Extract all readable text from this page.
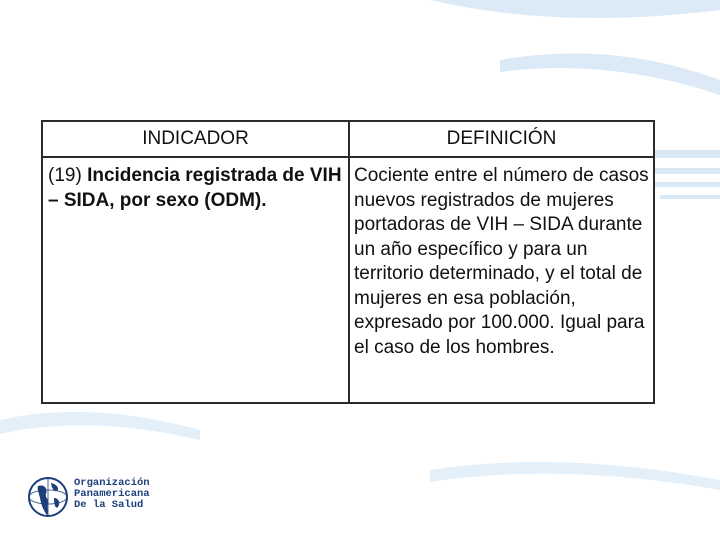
INDICADOR	DEFINICIÓN
(19) Incidencia registrada de VIH – SIDA, por sexo (ODM).
Cociente entre el número de casos nuevos registrados de mujeres portadoras de VIH – SIDA durante un año específico y para un territorio determinado, y el total de mujeres en esa población, expresado por 100.000. Igual para el caso de los hombres.
Organización
Panamericana
De la Salud
